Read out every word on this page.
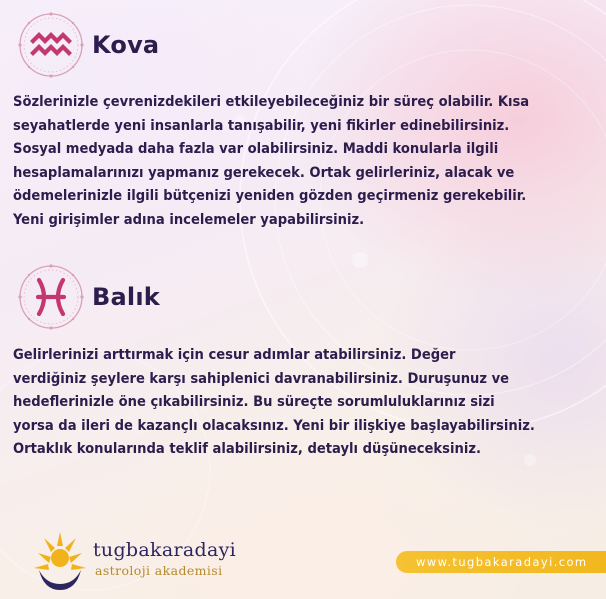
Kova

Sözlerinizle çevrenizdekileri etkileyebileceğiniz bir süreç olabilir. Kısa
seyahatlerde yeni insanlarla tanışabilir, yeni fikirler edinebilirsiniz.
Sosyal medyada daha fazla var olabilirsiniz. Maddi konularla ilgili
hesaplamalarınızı yapmanız gerekecek. Ortak gelirleriniz, alacak ve
ödemelerinizle ilgili bütçenizi yeniden gözden geçirmeniz gerekebilir.
Yeni girişimler adına incelemeler yapabilirsiniz.

Balık

Gelirlerinizi arttırmak için cesur adımlar atabilirsiniz. Değer
verdiğiniz şeylere karşı sahiplenici davranabilirsiniz. Duruşunuz ve
hedeflerinizle öne çıkabilirsiniz. Bu süreçte sorumluluklarınız sizi
yorsa da ileri de kazançlı olacaksınız. Yeni bir ilişkiye başlayabilirsiniz.
Ortaklık konularında teklif alabilirsiniz, detaylı düşüneceksiniz.

tugbakaradayi
astroloji akademisi
www.tugbakaradayi.com
